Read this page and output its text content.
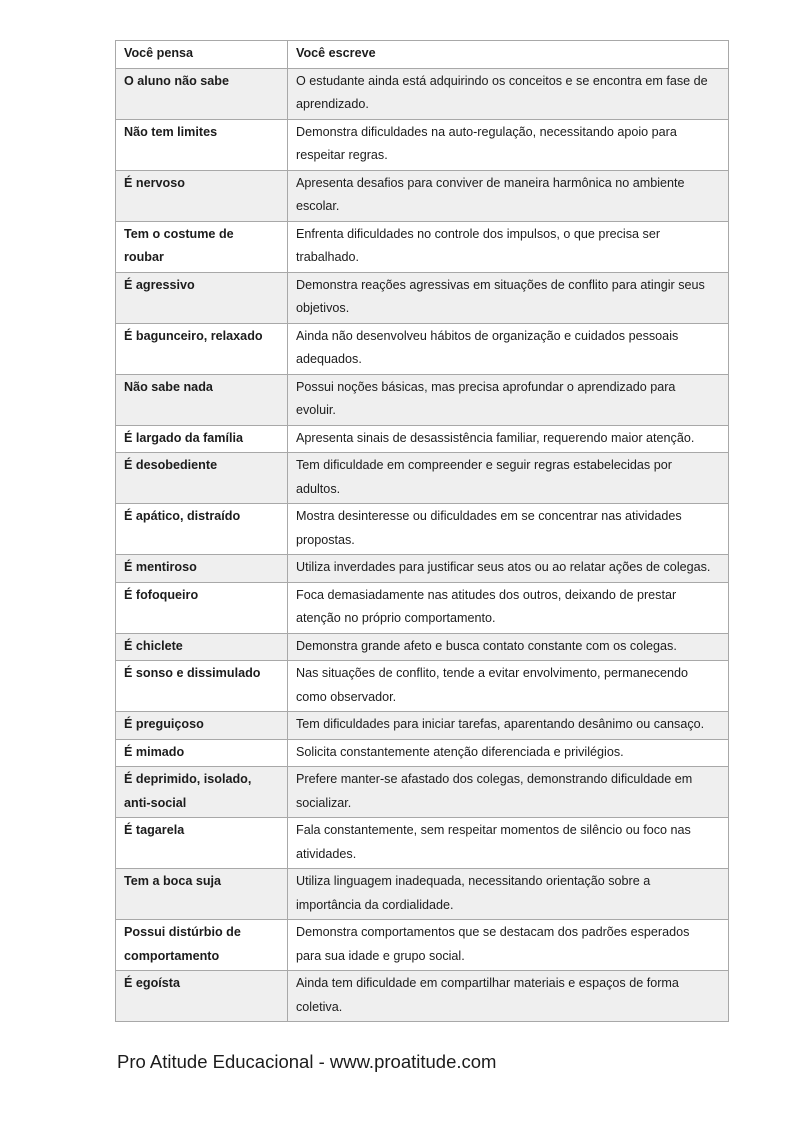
Você pensa	Você escreve
O aluno não sabe	O estudante ainda está adquirindo os conceitos e se encontra em fase de aprendizado.
Não tem limites	Demonstra dificuldades na auto-regulação, necessitando apoio para respeitar regras.
É nervoso	Apresenta desafios para conviver de maneira harmônica no ambiente escolar.
Tem o costume de roubar	Enfrenta dificuldades no controle dos impulsos, o que precisa ser trabalhado.
É agressivo	Demonstra reações agressivas em situações de conflito para atingir seus objetivos.
É bagunceiro, relaxado	Ainda não desenvolveu hábitos de organização e cuidados pessoais adequados.
Não sabe nada	Possui noções básicas, mas precisa aprofundar o aprendizado para evoluir.
É largado da família	Apresenta sinais de desassistência familiar, requerendo maior atenção.
É desobediente	Tem dificuldade em compreender e seguir regras estabelecidas por adultos.
É apático, distraído	Mostra desinteresse ou dificuldades em se concentrar nas atividades propostas.
É mentiroso	Utiliza inverdades para justificar seus atos ou ao relatar ações de colegas.
É fofoqueiro	Foca demasiadamente nas atitudes dos outros, deixando de prestar atenção no próprio comportamento.
É chiclete	Demonstra grande afeto e busca contato constante com os colegas.
É sonso e dissimulado	Nas situações de conflito, tende a evitar envolvimento, permanecendo como observador.
É preguiçoso	Tem dificuldades para iniciar tarefas, aparentando desânimo ou cansaço.
É mimado	Solicita constantemente atenção diferenciada e privilégios.
É deprimido, isolado, anti-social	Prefere manter-se afastado dos colegas, demonstrando dificuldade em socializar.
É tagarela	Fala constantemente, sem respeitar momentos de silêncio ou foco nas atividades.
Tem a boca suja	Utiliza linguagem inadequada, necessitando orientação sobre a importância da cordialidade.
Possui distúrbio de comportamento	Demonstra comportamentos que se destacam dos padrões esperados para sua idade e grupo social.
É egoísta	Ainda tem dificuldade em compartilhar materiais e espaços de forma coletiva.
Pro Atitude Educacional - www.proatitude.com
